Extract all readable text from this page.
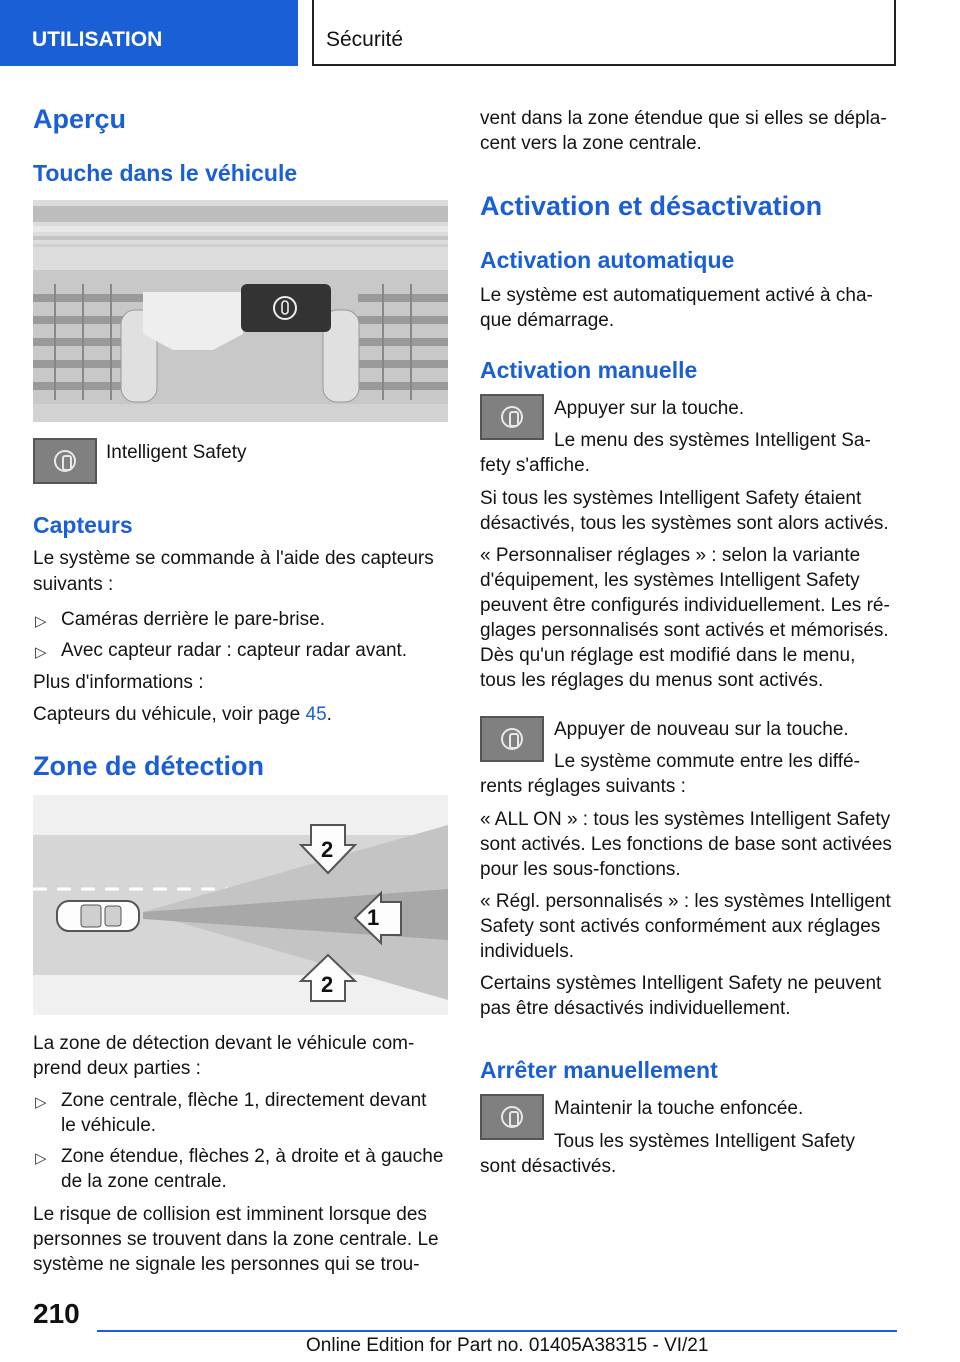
UTILISATION	Sécurité
Aperçu
Touche dans le véhicule
Intelligent Safety
Capteurs
Le système se commande à l'aide des capteurs
suivants :
▷ Caméras derrière le pare-brise.
▷ Avec capteur radar : capteur radar avant.
Plus d'informations :
Capteurs du véhicule, voir page 45.
Zone de détection
2
1
2
La zone de détection devant le véhicule com-
prend deux parties :
▷ Zone centrale, flèche 1, directement devant
le véhicule.
▷ Zone étendue, flèches 2, à droite et à gauche
de la zone centrale.
Le risque de collision est imminent lorsque des
personnes se trouvent dans la zone centrale. Le
système ne signale les personnes qui se trou-
vent dans la zone étendue que si elles se dépla-
cent vers la zone centrale.
Activation et désactivation
Activation automatique
Le système est automatiquement activé à cha-
que démarrage.
Activation manuelle
Appuyer sur la touche.
Le menu des systèmes Intelligent Sa-
fety s'affiche.
Si tous les systèmes Intelligent Safety étaient
désactivés, tous les systèmes sont alors activés.
« Personnaliser réglages » : selon la variante
d'équipement, les systèmes Intelligent Safety
peuvent être configurés individuellement. Les ré-
glages personnalisés sont activés et mémorisés.
Dès qu'un réglage est modifié dans le menu,
tous les réglages du menus sont activés.
Appuyer de nouveau sur la touche.
Le système commute entre les diffé-
rents réglages suivants :
« ALL ON » : tous les systèmes Intelligent Safety
sont activés. Les fonctions de base sont activées
pour les sous-fonctions.
« Régl. personnalisés » : les systèmes Intelligent
Safety sont activés conformément aux réglages
individuels.
Certains systèmes Intelligent Safety ne peuvent
pas être désactivés individuellement.
Arrêter manuellement
Maintenir la touche enfoncée.
Tous les systèmes Intelligent Safety
sont désactivés.
210
Online Edition for Part no. 01405A38315 - VI/21
